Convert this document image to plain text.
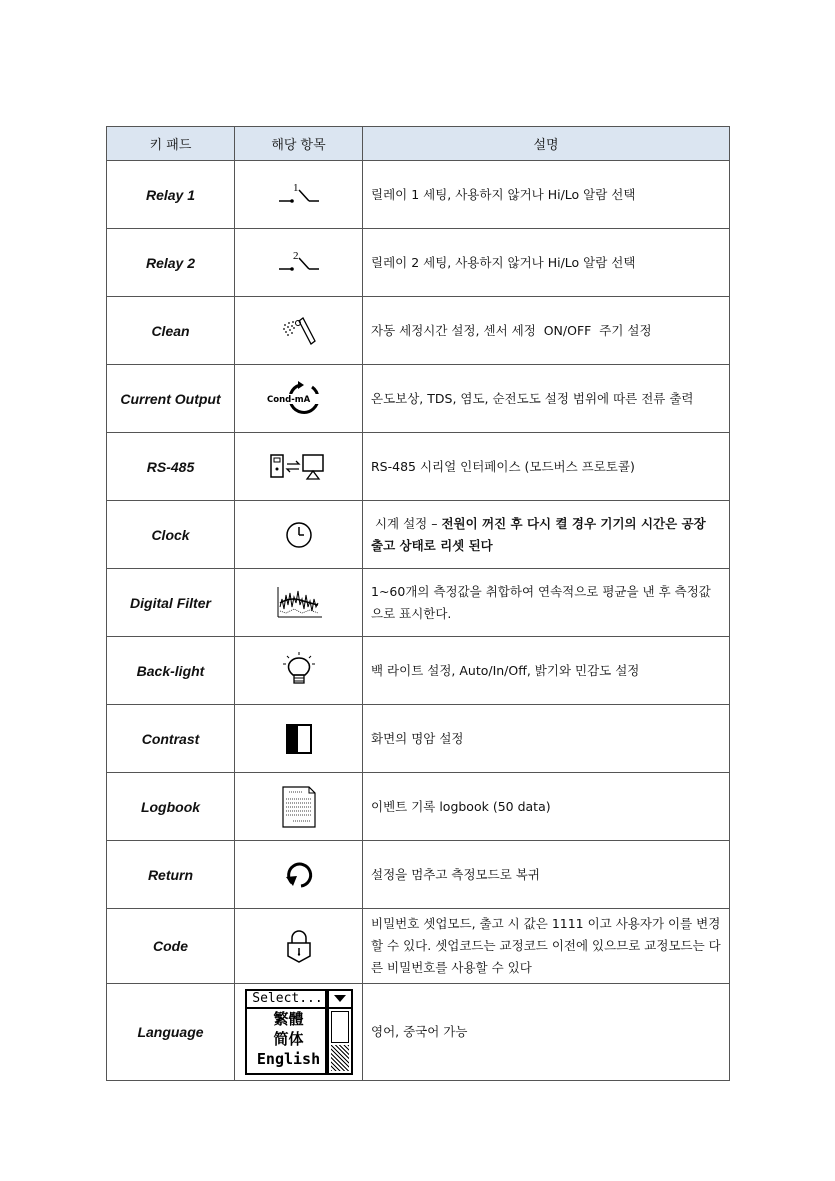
키 패드	해당 항목	설명
Relay 1	1	릴레이 1 세팅, 사용하지 않거나 Hi/Lo 알람 선택
Relay 2	2	릴레이 2 세팅, 사용하지 않거나 Hi/Lo 알람 선택
Clean		자동 세정시간 설정, 센서 세정  ON/OFF  주기 설정
Current Output	Cond-mA	온도보상, TDS, 염도, 순전도도 설정 범위에 따른 전류 출력
RS-485		RS-485 시리얼 인터페이스 (모드버스 프로토콜)
Clock		시계 설정 – 전원이 꺼진 후 다시 켤 경우 기기의 시간은 공장 출고 상태로 리셋 된다
Digital Filter		1~60개의 측정값을 취합하여 연속적으로 평균을 낸 후 측정값으로 표시한다.
Back-light		백 라이트 설정, Auto/In/Off, 밝기와 민감도 설정
Contrast		화면의 명암 설정
Logbook		이벤트 기록 logbook (50 data)
Return		설정을 멈추고 측정모드로 복귀
Code		비밀번호 셋업모드, 출고 시 값은 1111 이고 사용자가 이를 변경할 수 있다. 셋업코드는 교정코드 이전에 있으므로 교정모드는 다른 비밀번호를 사용할 수 있다
Language	Select...
繁體
简体
English	영어, 중국어 가능
